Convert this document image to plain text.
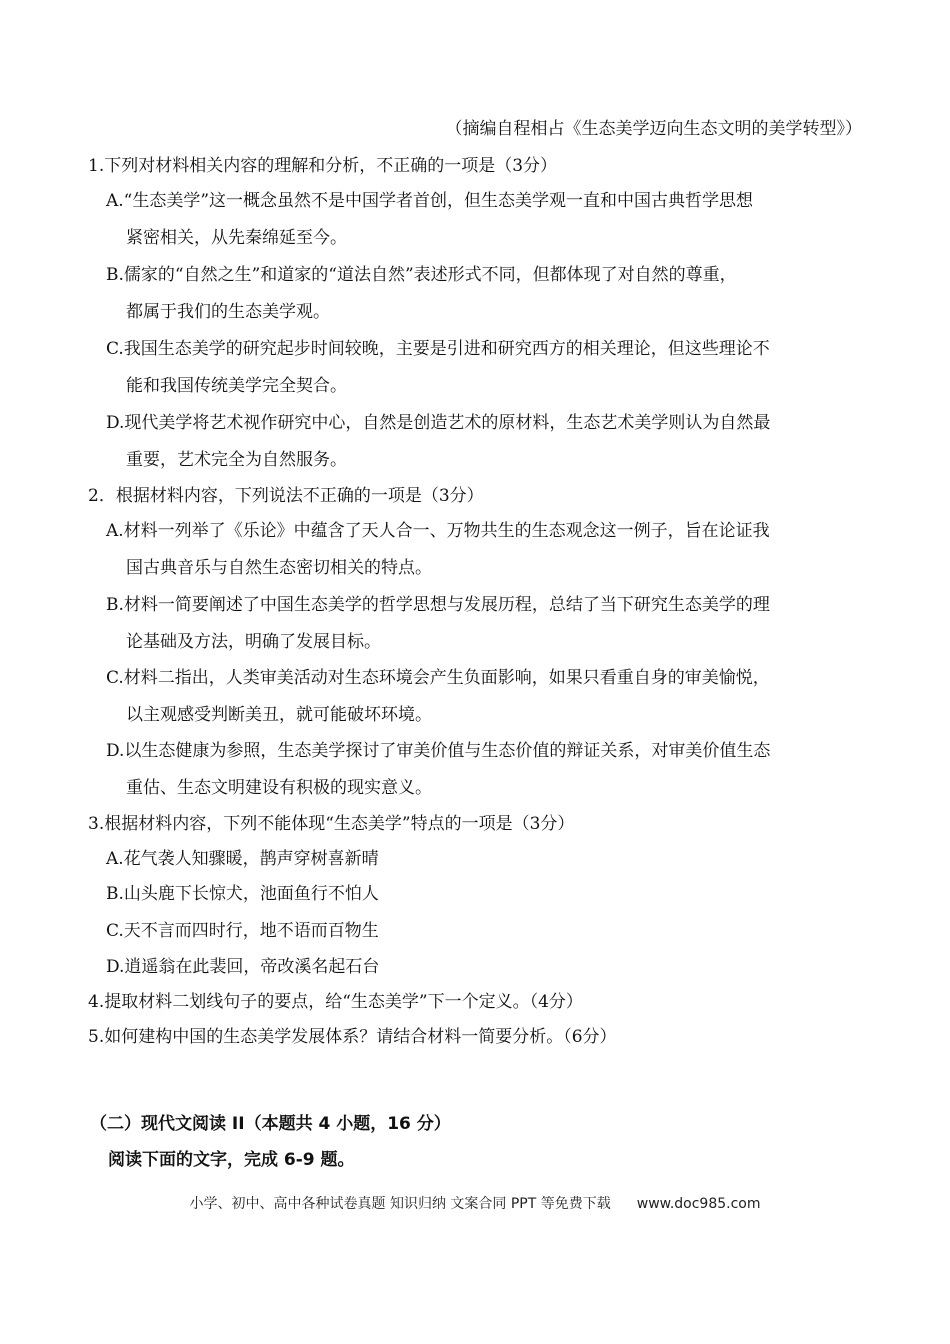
（摘编自程相占《生态美学迈向生态文明的美学转型》）
1.下列对材料相关内容的理解和分析，不正确的一项是（3分）
A.“生态美学”这一概念虽然不是中国学者首创，但生态美学观一直和中国古典哲学思想
紧密相关，从先秦绵延至今。
B.儒家的“自然之生”和道家的“道法自然”表述形式不同，但都体现了对自然的尊重，
都属于我们的生态美学观。
C.我国生态美学的研究起步时间较晚，主要是引进和研究西方的相关理论，但这些理论不
能和我国传统美学完全契合。
D.现代美学将艺术视作研究中心，自然是创造艺术的原材料，生态艺术美学则认为自然最
重要，艺术完全为自然服务。
2．根据材料内容，下列说法不正确的一项是（3分）
A.材料一列举了《乐论》中蕴含了天人合一、万物共生的生态观念这一例子，旨在论证我
国古典音乐与自然生态密切相关的特点。
B.材料一简要阐述了中国生态美学的哲学思想与发展历程，总结了当下研究生态美学的理
论基础及方法，明确了发展目标。
C.材料二指出，人类审美活动对生态环境会产生负面影响，如果只看重自身的审美愉悦，
以主观感受判断美丑，就可能破坏环境。
D.以生态健康为参照，生态美学探讨了审美价值与生态价值的辩证关系，对审美价值生态
重估、生态文明建设有积极的现实意义。
3.根据材料内容，下列不能体现“生态美学”特点的一项是（3分）
A.花气袭人知骤暖，鹊声穿树喜新晴
B.山头鹿下长惊犬，池面鱼行不怕人
C.天不言而四时行，地不语而百物生
D.逍遥翁在此裴回，帝改溪名起石台
4.提取材料二划线句子的要点，给“生态美学”下一个定义。（4分）
5.如何建构中国的生态美学发展体系？请结合材料一简要分析。（6分）
（二）现代文阅读 II（本题共 4 小题，16 分）
阅读下面的文字，完成 6-9 题。
小学、初中、高中各种试卷真题 知识归纳 文案合同 PPT 等免费下载 www.doc985.com
